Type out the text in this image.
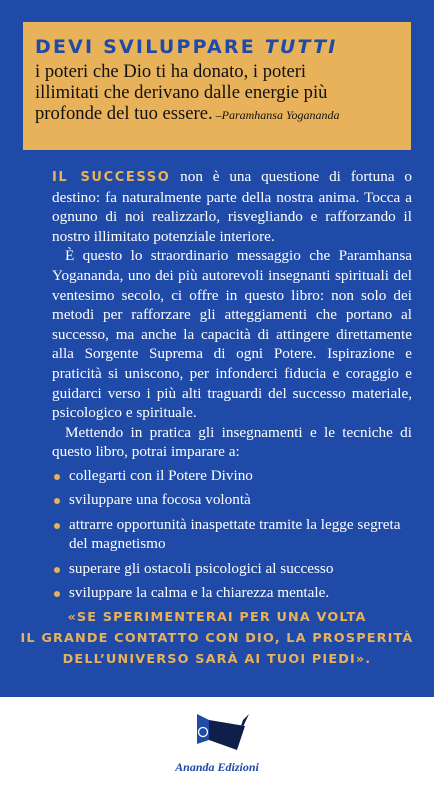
DEVI SVILUPPARE TUTTI
i poteri che Dio ti ha donato, i poteri
illimitati che derivano dalle energie più
profonde del tuo essere. –Paramhansa Yogananda

IL SUCCESSO non è una questione di fortuna o destino: fa naturalmente parte della nostra anima. Tocca a ognuno di noi realizzarlo, risvegliando e rafforzando il nostro illimitato potenziale interiore.

È questo lo straordinario messaggio che Paramhansa Yogananda, uno dei più autorevoli insegnanti spirituali del ventesimo secolo, ci offre in questo libro: non solo dei metodi per rafforzare gli atteggiamenti che portano al successo, ma anche la capacità di attingere direttamente alla Sorgente Suprema di ogni Potere. Ispirazione e praticità si uniscono, per infonderci fiducia e coraggio e guidarci verso i più alti traguardi del successo materiale, psicologico e spirituale.

Mettendo in pratica gli insegnamenti e le tecniche di questo libro, potrai imparare a:

collegarti con il Potere Divino
sviluppare una focosa volontà
attrarre opportunità inaspettate tramite la legge segreta del magnetismo
superare gli ostacoli psicologici al successo
sviluppare la calma e la chiarezza mentale.
«SE SPERIMENTERAI PER UNA VOLTA
IL GRANDE CONTATTO CON DIO, LA PROSPERITÀ
DELL’UNIVERSO SARÀ AI TUOI PIEDI».
Ananda Edizioni
